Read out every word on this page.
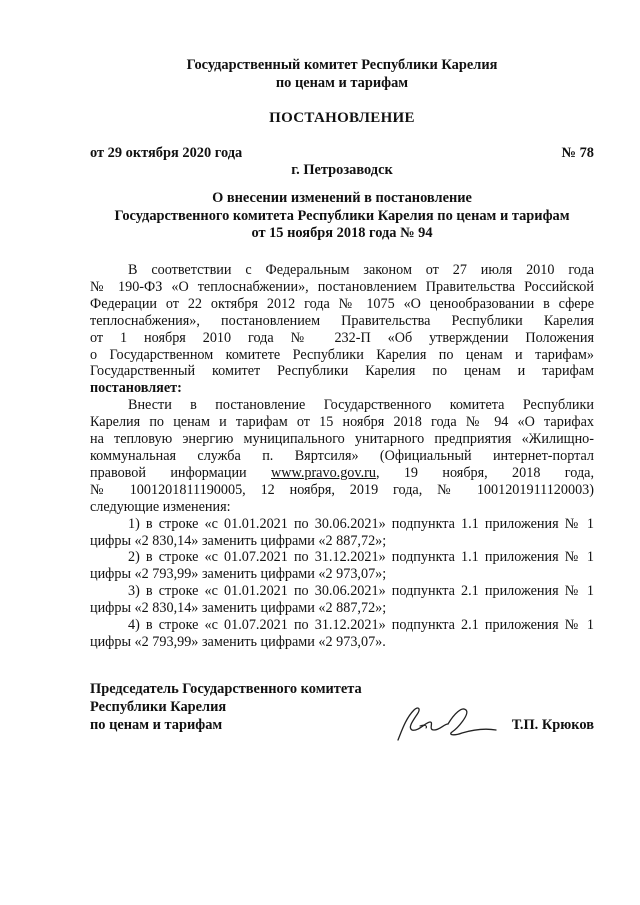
Государственный комитет Республики Карелия
по ценам и тарифам
ПОСТАНОВЛЕНИЕ
от 29 октября 2020 года	№ 78
г. Петрозаводск
О внесении изменений в постановление
Государственного комитета Республики Карелия по ценам и тарифам
от 15 ноября 2018 года № 94

В соответствии с Федеральным законом от 27 июля 2010 года
№ 190-ФЗ «О теплоснабжении», постановлением Правительства Российской
Федерации от 22 октября 2012 года № 1075 «О ценообразовании в сфере
теплоснабжения», постановлением Правительства Республики Карелия
от 1 ноября 2010 года № 232-П «Об утверждении Положения
о Государственном комитете Республики Карелия по ценам и тарифам»
Государственный комитет Республики Карелия по ценам и тарифам
постановляет:

Внести в постановление Государственного комитета Республики
Карелия по ценам и тарифам от 15 ноября 2018 года № 94 «О тарифах
на тепловую энергию муниципального унитарного предприятия «Жилищно-
коммунальная служба п. Вяртсиля» (Официальный интернет-портал
правовой информации www.pravo.gov.ru, 19 ноября, 2018 года,
№ 1001201811190005, 12 ноября, 2019 года, № 1001201911120003)
следующие изменения:

1) в строке «с 01.01.2021 по 30.06.2021» подпункта 1.1 приложения № 1
цифры «2 830,14» заменить цифрами «2 887,72»;

2) в строке «с 01.07.2021 по 31.12.2021» подпункта 1.1 приложения № 1
цифры «2 793,99» заменить цифрами «2 973,07»;

3) в строке «с 01.01.2021 по 30.06.2021» подпункта 2.1 приложения № 1
цифры «2 830,14» заменить цифрами «2 887,72»;

4) в строке «с 01.07.2021 по 31.12.2021» подпункта 2.1 приложения № 1
цифры «2 793,99» заменить цифрами «2 973,07».

Председатель Государственного комитета
Республики Карелия
по ценам и тарифам	Т.П. Крюков
